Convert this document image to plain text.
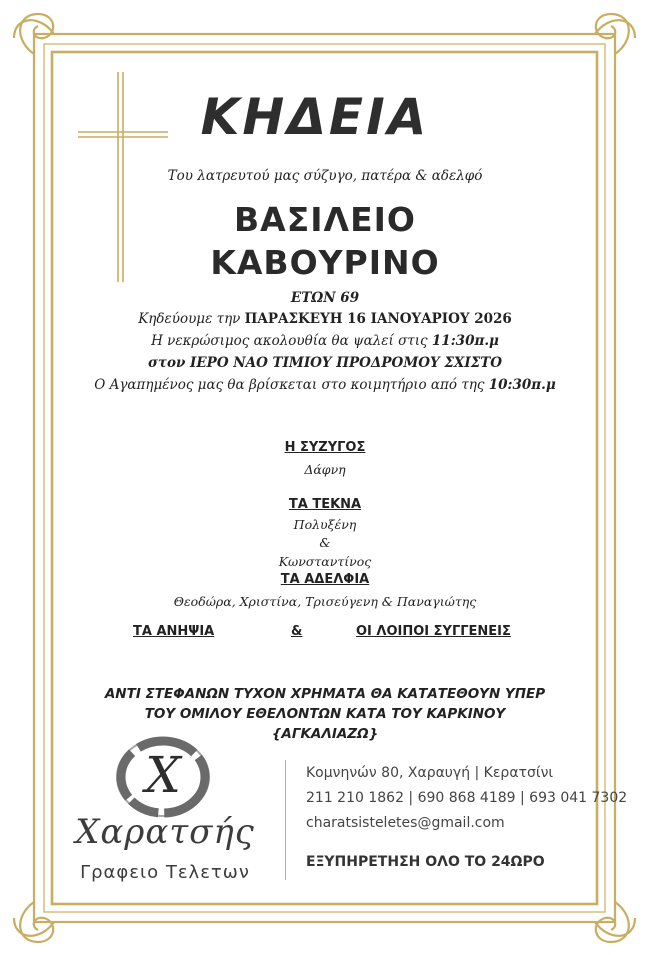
ΚΗΔΕΙΑ
Του λατρευτού μας σύζυγο, πατέρα & αδελφό
ΒΑΣΙΛΕΙΟ
ΚΑΒΟΥΡΙΝΟ
ΕΤΩΝ 69
Κηδεύουμε την ΠΑΡΑΣΚΕΥΗ 16 ΙΑΝΟΥΑΡΙΟΥ 2026
Η νεκρώσιμος ακολουθία θα ψαλεί στις 11:30π.μ
στον ΙΕΡΟ ΝΑΟ ΤΙΜΙΟΥ ΠΡΟΔΡΟΜΟΥ ΣΧΙΣΤΟ
Ο Αγαπημένος μας θα βρίσκεται στο κοιμητήριο από της 10:30π.μ
Η ΣΥΖΥΓΟΣ
Δάφνη
ΤΑ ΤΕΚΝΑ
Πολυξένη
&
Κωνσταντίνος
ΤΑ ΑΔΕΛΦΙΑ
Θεοδώρα, Χριστίνα, Τρισεύγενη & Παναγιώτης
ΤΑ ΑΝΗΨΙΑ	&	ΟΙ ΛΟΙΠΟΙ ΣΥΓΓΕΝΕΙΣ
ΑΝΤΙ ΣΤΕΦΑΝΩΝ ΤΥΧΟΝ ΧΡΗΜΑΤΑ ΘΑ ΚΑΤΑΤΕΘΟΥΝ ΥΠΕΡ
ΤΟΥ ΟΜΙΛΟΥ ΕΘΕΛΟΝΤΩΝ ΚΑΤΑ ΤΟΥ ΚΑΡΚΙΝΟΥ
{ΑΓΚΑΛΙΑΖΩ}
Χ
Χαρατσής
Γραφειο Τελετων
Κομνηνών 80, Χαραυγή | Κερατσίνι
211 210 1862 | 690 868 4189 | 693 041 7302
charatsisteletes@gmail.com
ΕΞΥΠΗΡΕΤΗΣΗ ΟΛΟ ΤΟ 24ΩΡΟ
